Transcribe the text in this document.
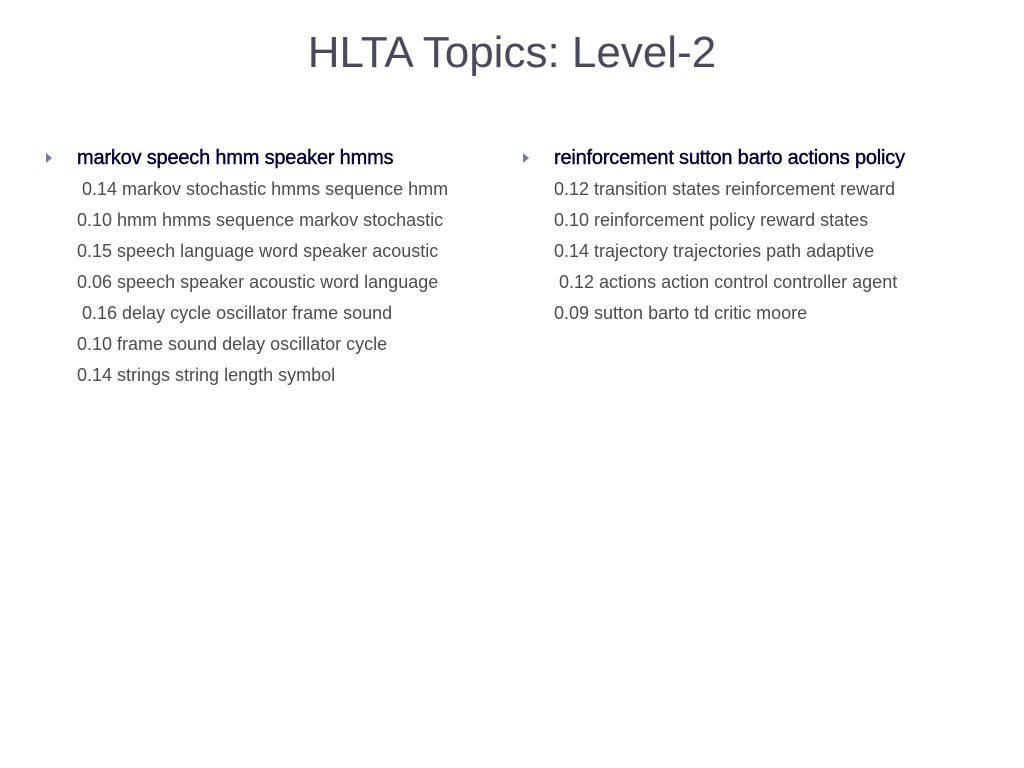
HLTA Topics: Level-2
markov speech hmm speaker hmms
0.14 markov stochastic hmms sequence hmm
0.10 hmm hmms sequence markov stochastic
0.15 speech language word speaker acoustic
0.06 speech speaker acoustic word language
0.16 delay cycle oscillator frame sound
0.10 frame sound delay oscillator cycle
0.14 strings string length symbol
reinforcement sutton barto actions policy
0.12 transition states reinforcement reward
0.10 reinforcement policy reward states
0.14 trajectory trajectories path adaptive
0.12 actions action control controller agent
0.09 sutton barto td critic moore
